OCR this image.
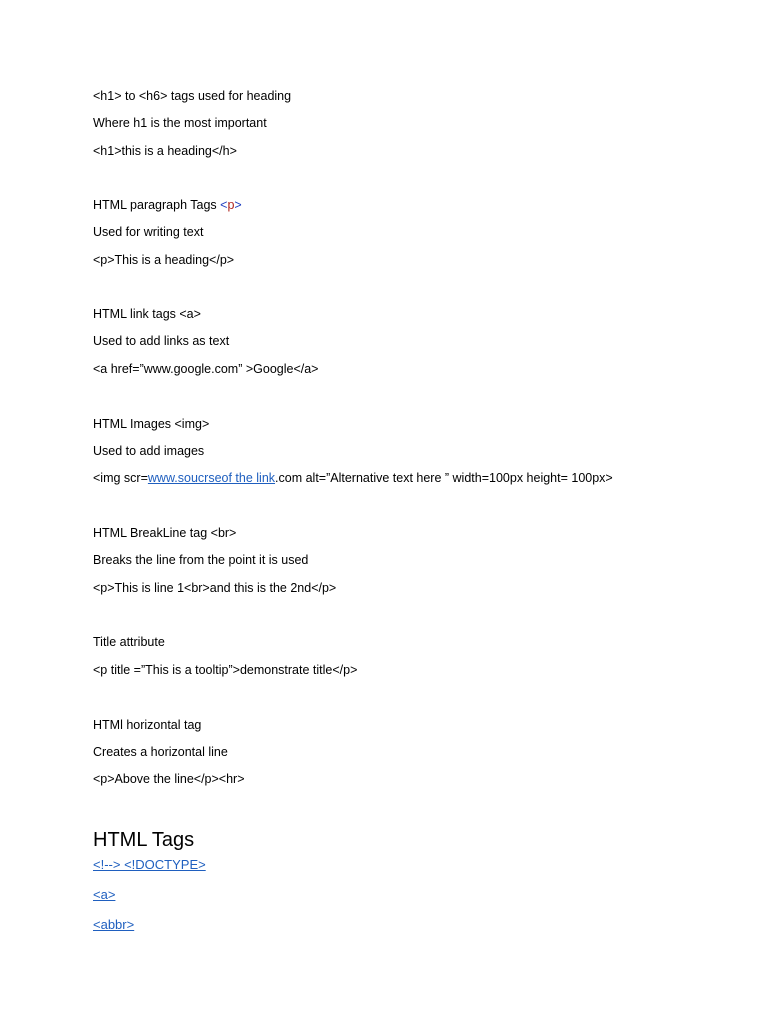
<h1> to <h6> tags used for heading
Where h1 is the most important
<h1>this is a heading</h>
HTML paragraph Tags <p>
Used for writing text
<p>This is a heading</p>
HTML link tags <a>
Used to add links as text
<a href=”www.google.com” >Google</a>
HTML Images <img>
Used to add images
<img scr=www.soucrseof the link.com alt=”Alternative text here ” width=100px height= 100px>
HTML BreakLine tag <br>
Breaks the line from the point it is used
<p>This is line 1<br>and this is the 2nd</p>
Title attribute
<p title =”This is a tooltip”>demonstrate title</p>
HTMl horizontal tag
Creates a horizontal line
<p>Above the line</p><hr>
HTML Tags
<!--> <!DOCTYPE>
<a>
<abbr>
